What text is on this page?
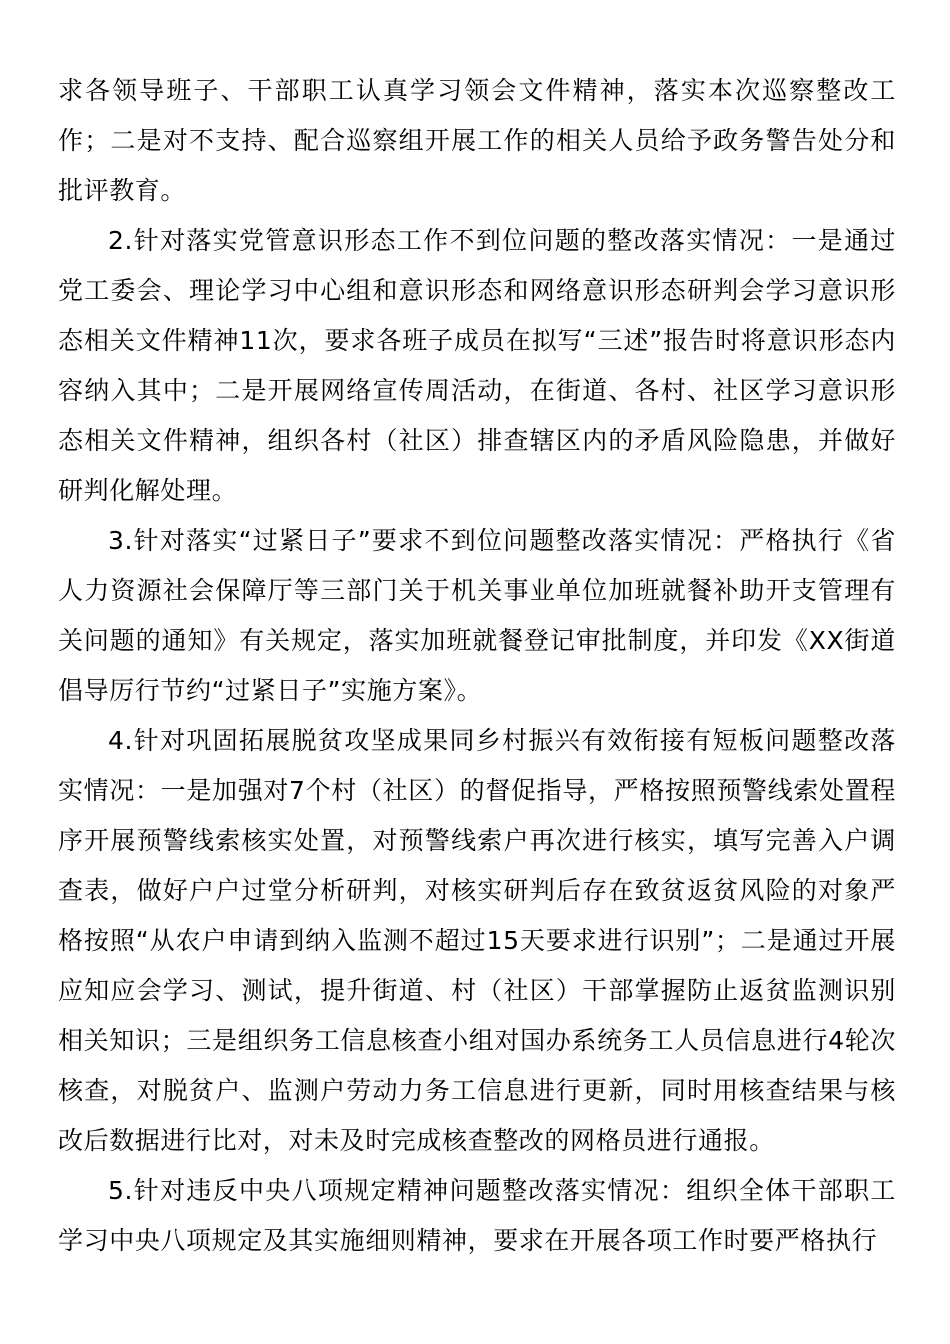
求各领导班子、干部职工认真学习领会文件精神，落实本次巡察整改工作；二是对不支持、配合巡察组开展工作的相关人员给予政务警告处分和批评教育。

2.针对落实党管意识形态工作不到位问题的整改落实情况：一是通过党工委会、理论学习中心组和意识形态和网络意识形态研判会学习意识形态相关文件精神11次，要求各班子成员在拟写“三述”报告时将意识形态内容纳入其中；二是开展网络宣传周活动，在街道、各村、社区学习意识形态相关文件精神，组织各村（社区）排查辖区内的矛盾风险隐患，并做好研判化解处理。

3.针对落实“过紧日子”要求不到位问题整改落实情况：严格执行《省人力资源社会保障厅等三部门关于机关事业单位加班就餐补助开支管理有关问题的通知》有关规定，落实加班就餐登记审批制度，并印发《XX街道倡导厉行节约“过紧日子”实施方案》。

4.针对巩固拓展脱贫攻坚成果同乡村振兴有效衔接有短板问题整改落实情况：一是加强对7个村（社区）的督促指导，严格按照预警线索处置程序开展预警线索核实处置，对预警线索户再次进行核实，填写完善入户调查表，做好户户过堂分析研判，对核实研判后存在致贫返贫风险的对象严格按照“从农户申请到纳入监测不超过15天要求进行识别”；二是通过开展应知应会学习、测试，提升街道、村（社区）干部掌握防止返贫监测识别相关知识；三是组织务工信息核查小组对国办系统务工人员信息进行4轮次核查，对脱贫户、监测户劳动力务工信息进行更新，同时用核查结果与核改后数据进行比对，对未及时完成核查整改的网格员进行通报。

5.针对违反中央八项规定精神问题整改落实情况：组织全体干部职工学习中央八项规定及其实施细则精神，要求在开展各项工作时要严格执行
